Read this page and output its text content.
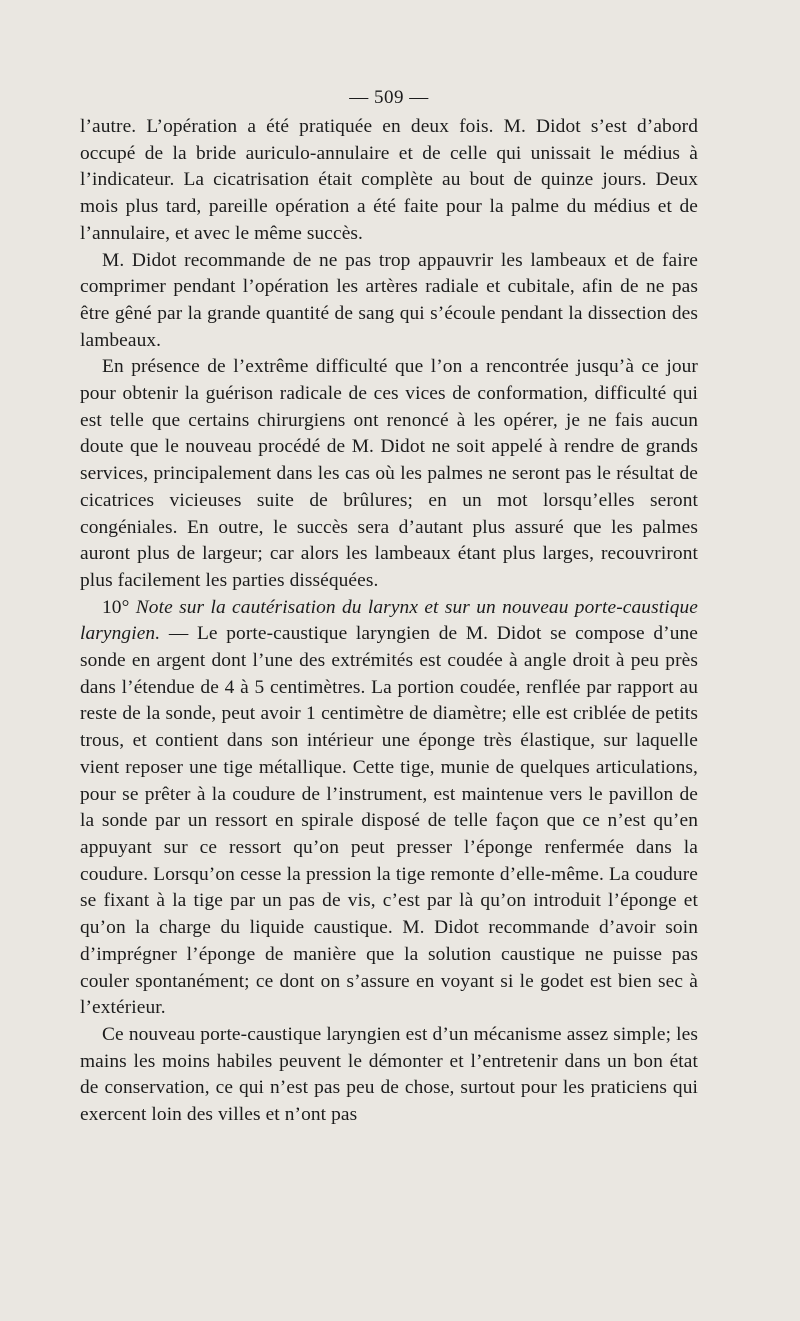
— 509 —

l’autre. L’opération a été pratiquée en deux fois. M. Didot s’est d’abord occupé de la bride auriculo-annulaire et de celle qui unissait le médius à l’indicateur. La cicatrisation était complète au bout de quinze jours. Deux mois plus tard, pareille opération a été faite pour la palme du médius et de l’annulaire, et avec le même succès.

M. Didot recommande de ne pas trop appauvrir les lambeaux et de faire comprimer pendant l’opération les artères radiale et cubitale, afin de ne pas être gêné par la grande quantité de sang qui s’écoule pendant la dissection des lambeaux.

En présence de l’extrême difficulté que l’on a rencontrée jusqu’à ce jour pour obtenir la guérison radicale de ces vices de conformation, difficulté qui est telle que certains chirurgiens ont renoncé à les opérer, je ne fais aucun doute que le nouveau procédé de M. Didot ne soit appelé à rendre de grands services, principalement dans les cas où les palmes ne seront pas le résultat de cicatrices vicieuses suite de brûlures; en un mot lorsqu’elles seront congéniales. En outre, le succès sera d’autant plus assuré que les palmes auront plus de largeur; car alors les lambeaux étant plus larges, recouvriront plus facilement les parties disséquées.

10° Note sur la cautérisation du larynx et sur un nouveau porte-caustique laryngien. — Le porte-caustique laryngien de M. Didot se compose d’une sonde en argent dont l’une des extrémités est coudée à angle droit à peu près dans l’étendue de 4 à 5 centimètres. La portion coudée, renflée par rapport au reste de la sonde, peut avoir 1 centimètre de diamètre; elle est criblée de petits trous, et contient dans son intérieur une éponge très élastique, sur laquelle vient reposer une tige métallique. Cette tige, munie de quelques articulations, pour se prêter à la coudure de l’instrument, est maintenue vers le pavillon de la sonde par un ressort en spirale disposé de telle façon que ce n’est qu’en appuyant sur ce ressort qu’on peut presser l’éponge renfermée dans la coudure. Lorsqu’on cesse la pression la tige remonte d’elle-même. La coudure se fixant à la tige par un pas de vis, c’est par là qu’on introduit l’éponge et qu’on la charge du liquide caustique. M. Didot recommande d’avoir soin d’imprégner l’éponge de manière que la solution caustique ne puisse pas couler spontanément; ce dont on s’assure en voyant si le godet est bien sec à l’extérieur.

Ce nouveau porte-caustique laryngien est d’un mécanisme assez simple; les mains les moins habiles peuvent le démonter et l’entretenir dans un bon état de conservation, ce qui n’est pas peu de chose, surtout pour les praticiens qui exercent loin des villes et n’ont pas
